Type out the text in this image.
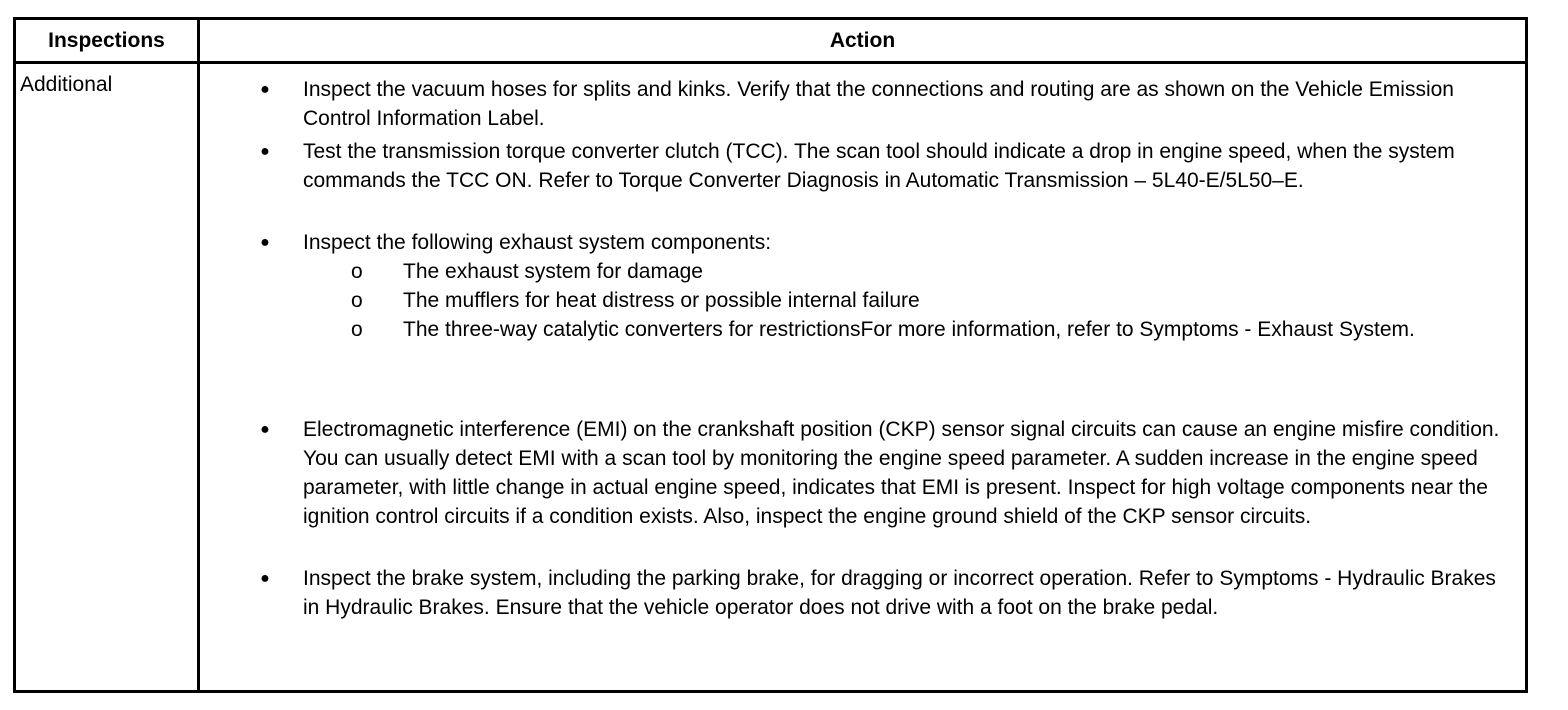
Inspections	Action
Additional	● Inspect the vacuum hoses for splits and kinks. Verify that the connections and routing are as shown on the Vehicle Emission Control Information Label.
● Test the transmission torque converter clutch (TCC). The scan tool should indicate a drop in engine speed, when the system commands the TCC ON. Refer to Torque Converter Diagnosis in Automatic Transmission – 5L40-E/5L50–E.
● Inspect the following exhaust system components:
o The exhaust system for damage
o The mufflers for heat distress or possible internal failure
o The three-way catalytic converters for restrictionsFor more information, refer to Symptoms - Exhaust System.
● Electromagnetic interference (EMI) on the crankshaft position (CKP) sensor signal circuits can cause an engine misfire condition. You can usually detect EMI with a scan tool by monitoring the engine speed parameter. A sudden increase in the engine speed parameter, with little change in actual engine speed, indicates that EMI is present. Inspect for high voltage components near the ignition control circuits if a condition exists. Also, inspect the engine ground shield of the CKP sensor circuits.
● Inspect the brake system, including the parking brake, for dragging or incorrect operation. Refer to Symptoms - Hydraulic Brakes in Hydraulic Brakes. Ensure that the vehicle operator does not drive with a foot on the brake pedal.
